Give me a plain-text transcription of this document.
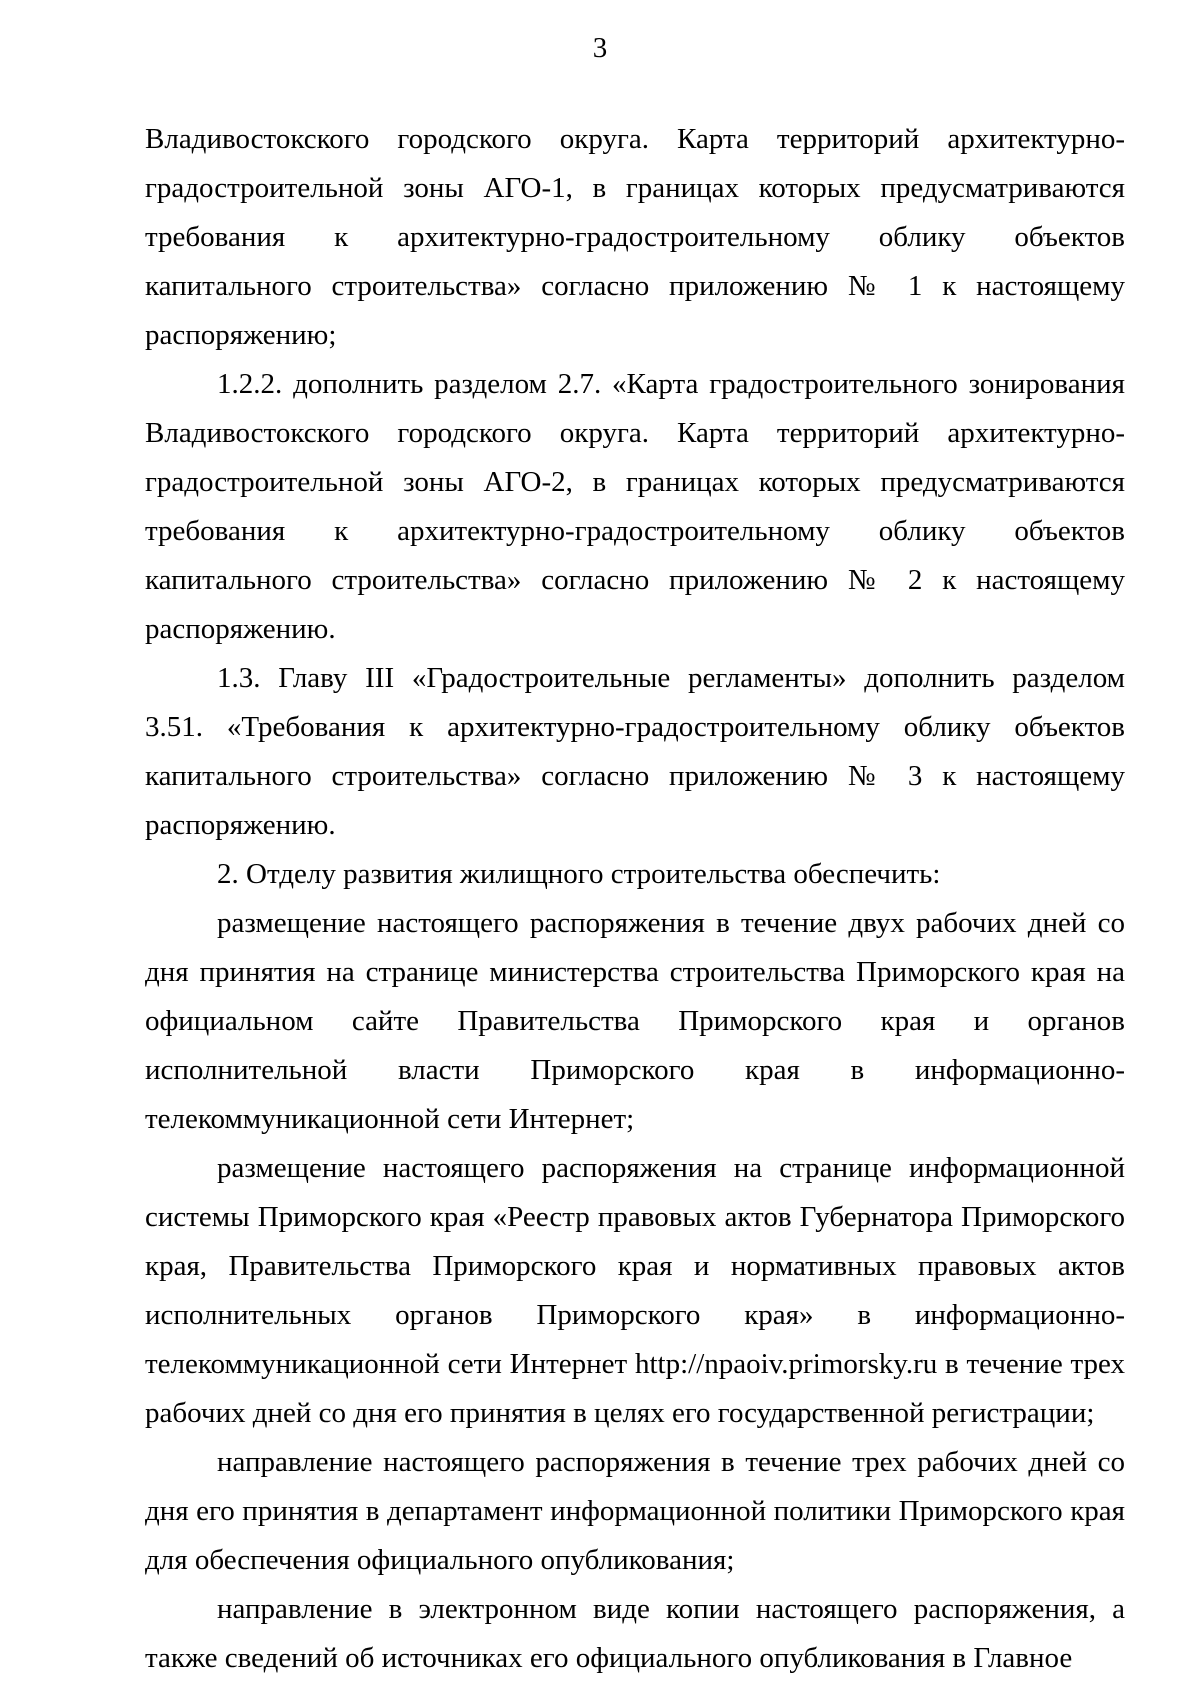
3

Владивостокского городского округа. Карта территорий архитектурно-градостроительной зоны АГО-1, в границах которых предусматриваются требования к архитектурно-градостроительному облику объектов капитального строительства» согласно приложению № 1 к настоящему распоряжению;

1.2.2. дополнить разделом 2.7. «Карта градостроительного зонирования Владивостокского городского округа. Карта территорий архитектурно-градостроительной зоны АГО-2, в границах которых предусматриваются требования к архитектурно-градостроительному облику объектов капитального строительства» согласно приложению № 2 к настоящему распоряжению.

1.3. Главу III «Градостроительные регламенты» дополнить разделом 3.51. «Требования к архитектурно-градостроительному облику объектов капитального строительства» согласно приложению № 3 к настоящему распоряжению.

2. Отделу развития жилищного строительства обеспечить:

размещение настоящего распоряжения в течение двух рабочих дней со дня принятия на странице министерства строительства Приморского края на официальном сайте Правительства Приморского края и органов исполнительной власти Приморского края в информационно-телекоммуникационной сети Интернет;

размещение настоящего распоряжения на странице информационной системы Приморского края «Реестр правовых актов Губернатора Приморского края, Правительства Приморского края и нормативных правовых актов исполнительных органов Приморского края» в информационно-телекоммуникационной сети Интернет http://npaoiv.primorsky.ru в течение трех рабочих дней со дня его принятия в целях его государственной регистрации;

направление настоящего распоряжения в течение трех рабочих дней со дня его принятия в департамент информационной политики Приморского края для обеспечения официального опубликования;

направление в электронном виде копии настоящего распоряжения, а также сведений об источниках его официального опубликования в Главное
